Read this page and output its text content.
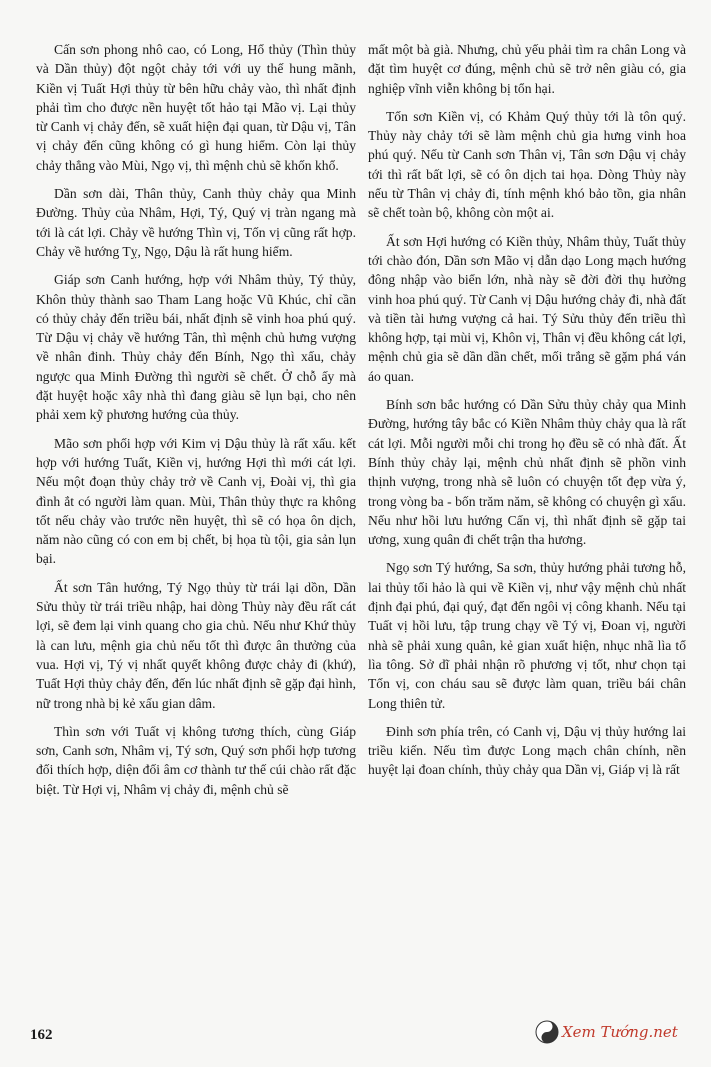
Cấn sơn phong nhô cao, có Long, Hổ thủy (Thìn thủy và Dần thủy) đột ngột chảy tới với uy thế hung mãnh, Kiền vị Tuất Hợi thủy từ bên hữu chảy vào, thì nhất định phải tìm cho được nền huyệt tốt hảo tại Mão vị. Lại thủy từ Canh vị chảy đến, sẽ xuất hiện đại quan, từ Dậu vị, Tân vị chảy đến cũng không có gì hung hiểm. Còn lại thủy chảy thẳng vào Mùi, Ngọ vị, thì mệnh chủ sẽ khốn khổ.

Dần sơn dài, Thân thủy, Canh thủy chảy qua Minh Đường. Thủy của Nhâm, Hợi, Tý, Quý vị tràn ngang mà tới là cát lợi. Chảy về hướng Thìn vị, Tốn vị cũng rất hợp. Chảy về hướng Tỵ, Ngọ, Dậu là rất hung hiểm.

Giáp sơn Canh hướng, hợp với Nhâm thủy, Tý thủy, Khôn thủy thành sao Tham Lang hoặc Vũ Khúc, chỉ cần có thủy chảy đến triều bái, nhất định sẽ vinh hoa phú quý. Từ Dậu vị chảy về hướng Tân, thì mệnh chủ hưng vượng về nhân đinh. Thủy chảy đến Bính, Ngọ thì xấu, chảy ngược qua Minh Đường thì người sẽ chết. Ở chỗ ấy mà đặt huyệt hoặc xây nhà thì đang giàu sẽ lụn bại, cho nên phải xem kỹ phương hướng của thủy.

Mão sơn phối hợp với Kim vị Dậu thủy là rất xấu. kết hợp với hướng Tuất, Kiền vị, hướng Hợi thì mới cát lợi. Nếu một đoạn thủy chảy trở về Canh vị, Đoài vị, thì gia đình ắt có người làm quan. Mùi, Thân thủy thực ra không tốt nếu chảy vào trước nền huyệt, thì sẽ có họa ôn dịch, năm nào cũng có con em bị chết, bị họa tù tội, gia sản lụn bại.

Ất sơn Tân hướng, Tý Ngọ thủy từ trái lại dồn, Dần Sửu thủy từ trái triều nhập, hai dòng Thủy này đều rất cát lợi, sẽ đem lại vinh quang cho gia chủ. Nếu như Khứ thủy là can lưu, mệnh gia chủ nếu tốt thì được ân thưởng của vua. Hợi vị, Tý vị nhất quyết không được chảy đi (khứ), Tuất Hợi thủy chảy đến, đến lúc nhất định sẽ gặp đại hình, nữ trong nhà bị kẻ xấu gian dâm.

Thìn sơn với Tuất vị không tương thích, cùng Giáp sơn, Canh sơn, Nhâm vị, Tý sơn, Quý sơn phối hợp tương đối thích hợp, diện đối âm cơ thành tư thế cúi chào rất đặc biệt. Từ Hợi vị, Nhâm vị chảy đi, mệnh chủ sẽ

mất một bà già. Nhưng, chủ yếu phải tìm ra chân Long và đặt tìm huyệt cơ đúng, mệnh chủ sẽ trở nên giàu có, gia nghiệp vĩnh viễn không bị tổn hại.

Tốn sơn Kiền vị, có Khảm Quý thủy tới là tôn quý. Thủy này chảy tới sẽ làm mệnh chủ gia hưng vinh hoa phú quý. Nếu từ Canh sơn Thân vị, Tân sơn Dậu vị chảy tới thì rất bất lợi, sẽ có ôn dịch tai họa. Dòng Thủy này nếu từ Thân vị chảy đi, tính mệnh khó bảo tồn, gia nhân sẽ chết toàn bộ, không còn một ai.

Ất sơn Hợi hướng có Kiền thủy, Nhâm thủy, Tuất thủy tới chào đón, Dần sơn Mão vị dẫn dạo Long mạch hướng đông nhập vào biển lớn, nhà này sẽ đời đời thụ hưởng vinh hoa phú quý. Từ Canh vị Dậu hướng chảy đi, nhà đất và tiền tài hưng vượng cả hai. Tý Sửu thủy đến triều thì không hợp, tại mùi vị, Khôn vị, Thân vị đều không cát lợi, mệnh chủ gia sẽ dần dần chết, mối trắng sẽ gặm phá ván áo quan.

Bính sơn bắc hướng có Dần Sửu thủy chảy qua Minh Đường, hướng tây bắc có Kiền Nhâm thủy chảy qua là rất cát lợi. Mỗi người mỗi chi trong họ đều sẽ có nhà đất. Ất Bính thủy chảy lại, mệnh chủ nhất định sẽ phồn vinh thịnh vượng, trong nhà sẽ luôn có chuyện tốt đẹp vừa ý, trong vòng ba - bốn trăm năm, sẽ không có chuyện gì xấu. Nếu như hồi lưu hướng Cấn vị, thì nhất định sẽ gặp tai ương, xung quân đi chết trận tha hương.

Ngọ sơn Tý hướng, Sa sơn, thủy hướng phải tương hỗ, lai thủy tối hảo là qui về Kiền vị, như vậy mệnh chủ nhất định đại phú, đại quý, đạt đến ngôi vị công khanh. Nếu tại Tuất vị hồi lưu, tập trung chạy về Tý vị, Đoan vị, người nhà sẽ phải xung quân, kẻ gian xuất hiện, nhục nhã lìa tổ lìa tông. Sở dĩ phải nhận rõ phương vị tốt, như chọn tại Tốn vị, con cháu sau sẽ được làm quan, triều bái chân Long thiên tử.

Đinh sơn phía trên, có Canh vị, Dậu vị thủy hướng lai triều kiến. Nếu tìm được Long mạch chân chính, nền huyệt lại đoan chính, thủy chảy qua Dần vị, Giáp vị là rất

162	Xem Tướng.net
